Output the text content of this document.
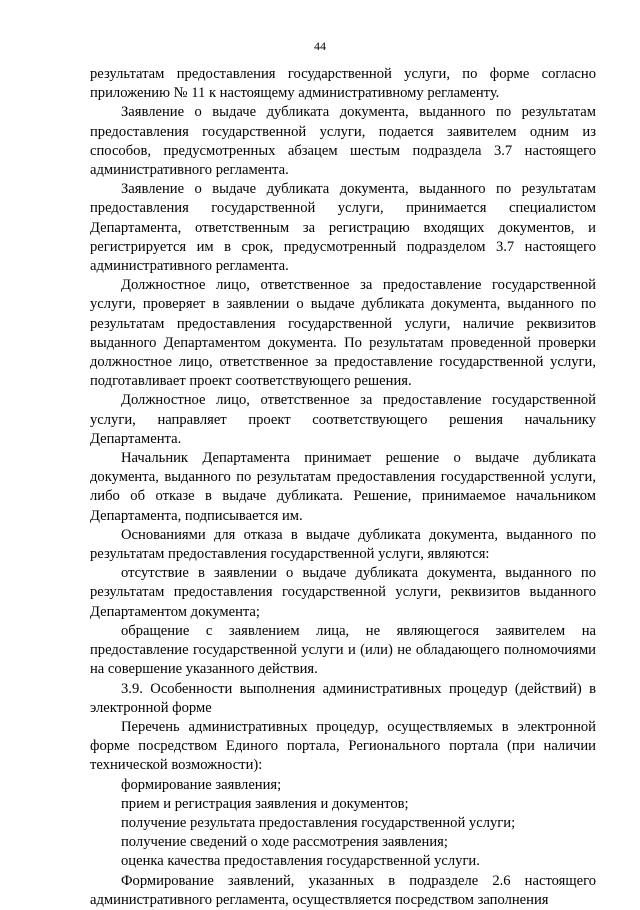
44

результатам предоставления государственной услуги, по форме согласно приложению № 11 к настоящему административному регламенту.

Заявление о выдаче дубликата документа, выданного по результатам предоставления государственной услуги, подается заявителем одним из способов, предусмотренных абзацем шестым подраздела 3.7 настоящего административного регламента.

Заявление о выдаче дубликата документа, выданного по результатам предоставления государственной услуги, принимается специалистом Департамента, ответственным за регистрацию входящих документов, и регистрируется им в срок, предусмотренный подразделом 3.7 настоящего административного регламента.

Должностное лицо, ответственное за предоставление государственной услуги, проверяет в заявлении о выдаче дубликата документа, выданного по результатам предоставления государственной услуги, наличие реквизитов выданного Департаментом документа. По результатам проведенной проверки должностное лицо, ответственное за предоставление государственной услуги, подготавливает проект соответствующего решения.

Должностное лицо, ответственное за предоставление государственной услуги, направляет проект соответствующего решения начальнику Департамента.

Начальник Департамента принимает решение о выдаче дубликата документа, выданного по результатам предоставления государственной услуги, либо об отказе в выдаче дубликата. Решение, принимаемое начальником Департамента, подписывается им.

Основаниями для отказа в выдаче дубликата документа, выданного по результатам предоставления государственной услуги, являются:

отсутствие в заявлении о выдаче дубликата документа, выданного по результатам предоставления государственной услуги, реквизитов выданного Департаментом документа;

обращение с заявлением лица, не являющегося заявителем на предоставление государственной услуги и (или) не обладающего полномочиями на совершение указанного действия.

3.9. Особенности выполнения административных процедур (действий) в электронной форме

Перечень административных процедур, осуществляемых в электронной форме посредством Единого портала, Регионального портала (при наличии технической возможности):

формирование заявления;

прием и регистрация заявления и документов;

получение результата предоставления государственной услуги;

получение сведений о ходе рассмотрения заявления;

оценка качества предоставления государственной услуги.

Формирование заявлений, указанных в подразделе 2.6 настоящего административного регламента, осуществляется посредством заполнения
